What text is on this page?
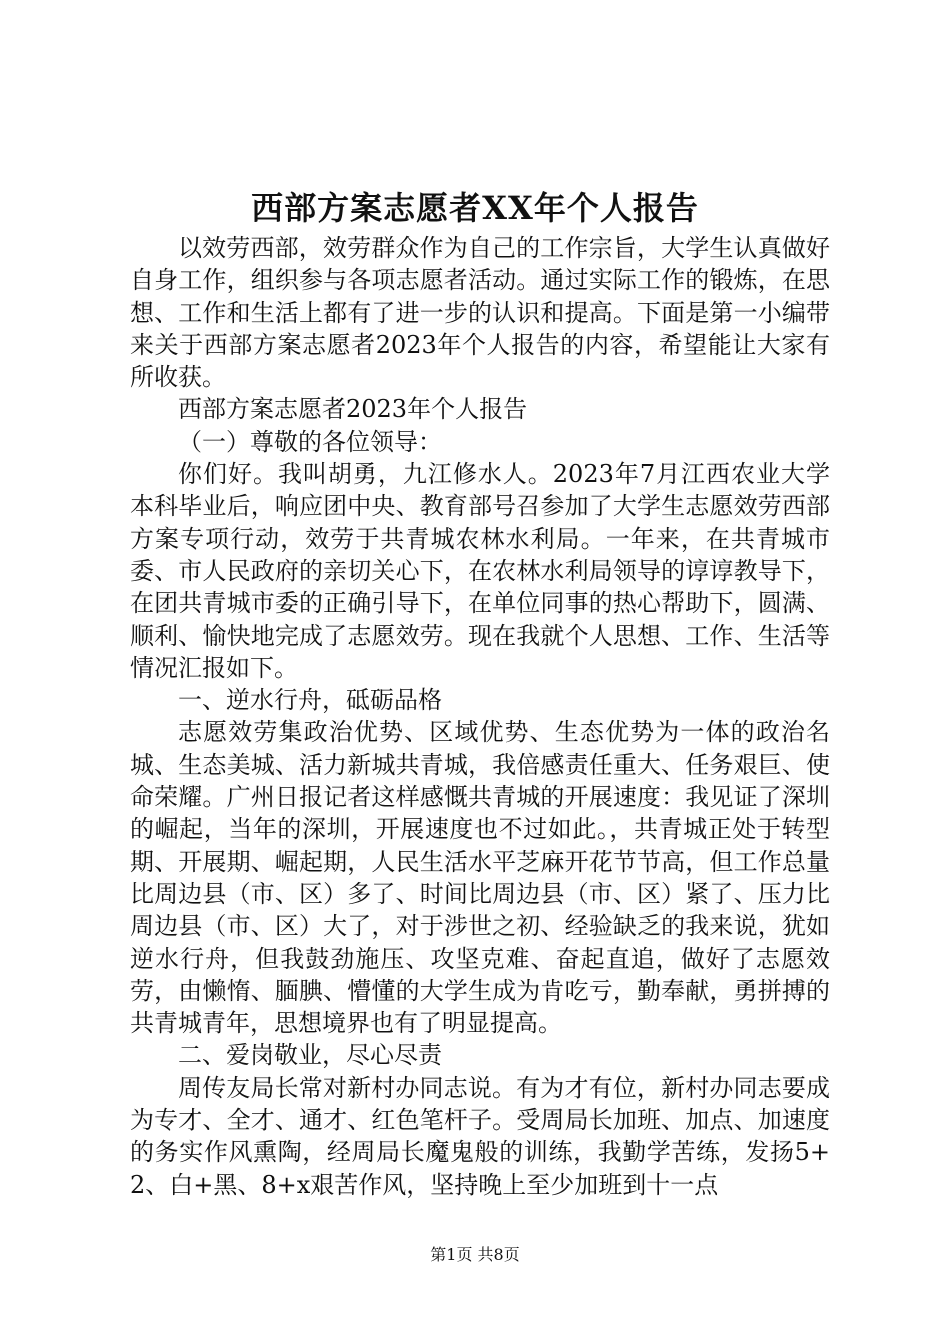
西部方案志愿者XX年个人报告

以效劳西部，效劳群众作为自己的工作宗旨，大学生认真做好自身工作，组织参与各项志愿者活动。通过实际工作的锻炼，在思想、工作和生活上都有了进一步的认识和提高。下面是第一小编带来关于西部方案志愿者2023年个人报告的内容，希望能让大家有所收获。

西部方案志愿者2023年个人报告

（一）尊敬的各位领导：

你们好。我叫胡勇，九江修水人。2023年7月江西农业大学本科毕业后，响应团中央、教育部号召参加了大学生志愿效劳西部方案专项行动，效劳于共青城农林水利局。一年来，在共青城市委、市人民政府的亲切关心下，在农林水利局领导的谆谆教导下，在团共青城市委的正确引导下，在单位同事的热心帮助下，圆满、顺利、愉快地完成了志愿效劳。现在我就个人思想、工作、生活等情况汇报如下。

一、逆水行舟，砥砺品格

志愿效劳集政治优势、区域优势、生态优势为一体的政治名城、生态美城、活力新城共青城，我倍感责任重大、任务艰巨、使命荣耀。广州日报记者这样感慨共青城的开展速度：我见证了深圳的崛起，当年的深圳，开展速度也不过如此。，共青城正处于转型期、开展期、崛起期，人民生活水平芝麻开花节节高，但工作总量比周边县（市、区）多了、时间比周边县（市、区）紧了、压力比周边县（市、区）大了，对于涉世之初、经验缺乏的我来说，犹如逆水行舟，但我鼓劲施压、攻坚克难、奋起直追，做好了志愿效劳，由懒惰、腼腆、懵懂的大学生成为肯吃亏，勤奉献，勇拼搏的共青城青年，思想境界也有了明显提高。

二、爱岗敬业，尽心尽责

周传友局长常对新村办同志说。有为才有位，新村办同志要成为专才、全才、通才、红色笔杆子。受周局长加班、加点、加速度的务实作风熏陶，经周局长魔鬼般的训练，我勤学苦练，发扬5+2、白+黑、8+x艰苦作风，坚持晚上至少加班到十一点

第1页 共8页
